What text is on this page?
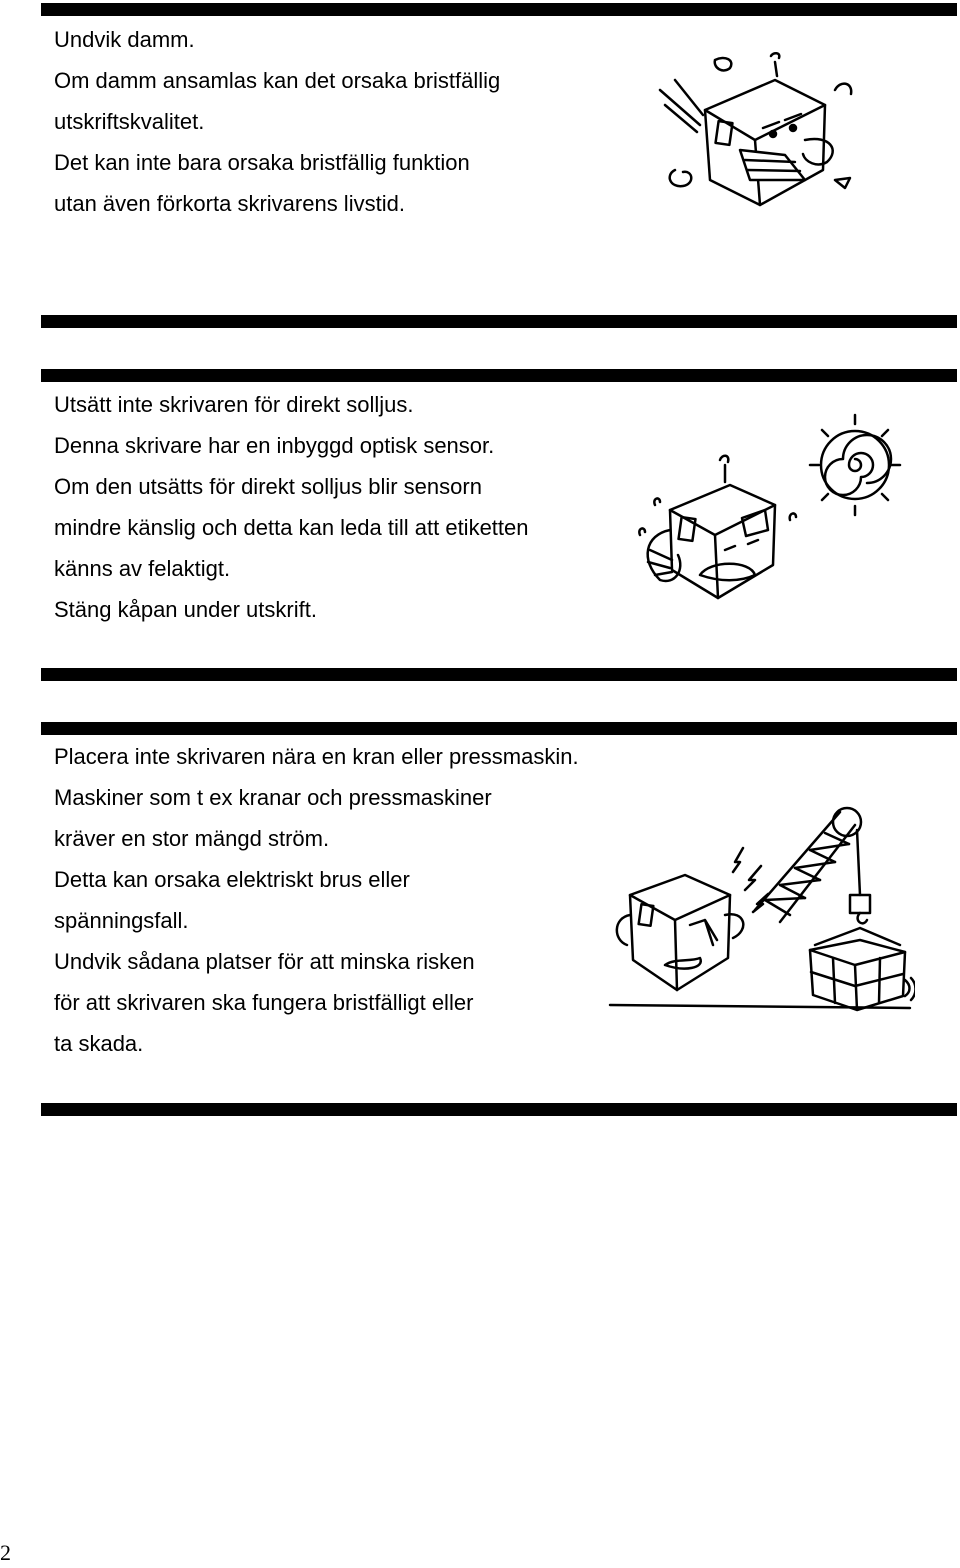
Undvik damm.
Om damm ansamlas kan det orsaka bristfällig
utskriftskvalitet.
Det kan inte bara orsaka bristfällig funktion
utan även förkorta skrivarens livstid.
Utsätt inte skrivaren för direkt solljus.
Denna skrivare har en inbyggd optisk sensor.
Om den utsätts för direkt solljus blir sensorn
mindre känslig och detta kan leda till att etiketten
känns av felaktigt.
Stäng kåpan under utskrift.
Placera inte skrivaren nära en kran eller pressmaskin.
Maskiner som t ex kranar och pressmaskiner
kräver en stor mängd ström.
Detta kan orsaka elektriskt brus eller
spänningsfall.
Undvik sådana platser för att minska risken
för att skrivaren ska fungera bristfälligt eller
ta skada.
2
